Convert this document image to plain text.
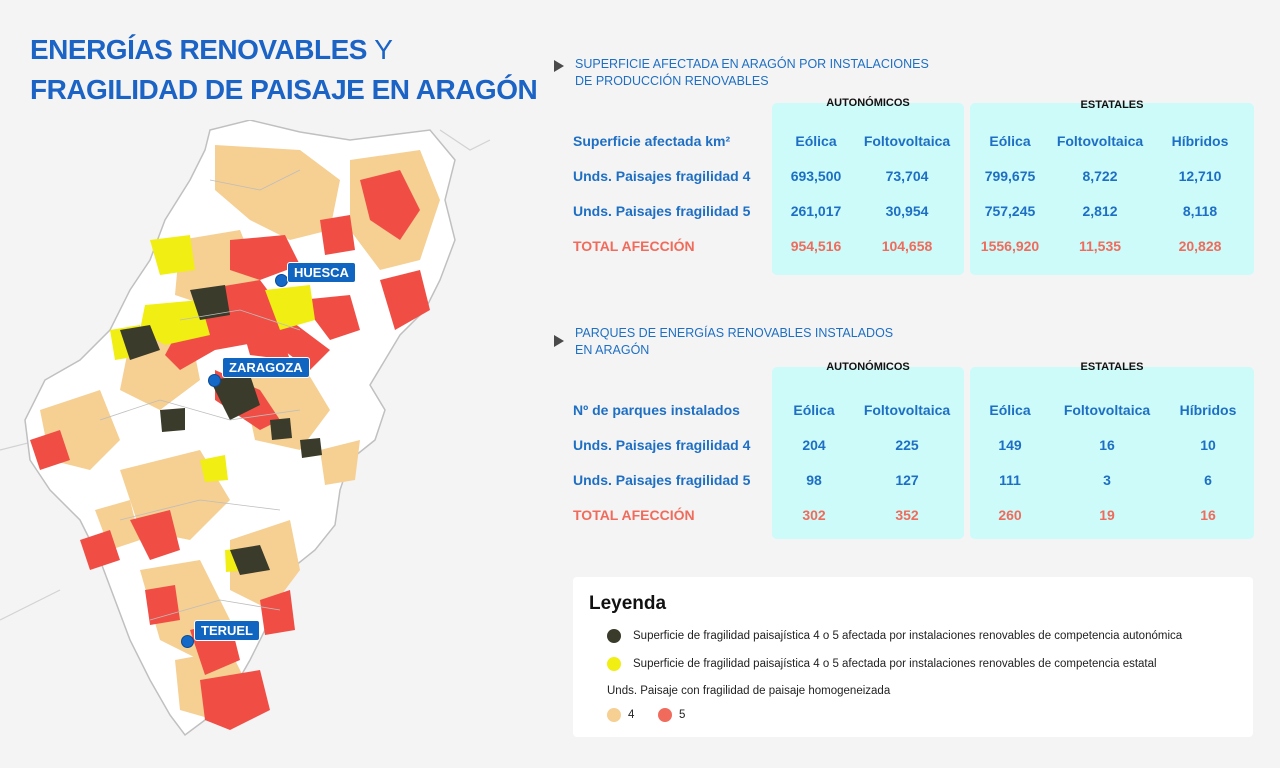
ENERGÍAS RENOVABLES Y
FRAGILIDAD DE PAISAJE EN ARAGÓN
HUESCA
ZARAGOZA
TERUEL
SUPERFICIE AFECTADA EN ARAGÓN POR INSTALACIONES
DE PRODUCCIÓN RENOVABLES
AUTONÓMICOS	ESTATALES
Superficie afectada km²	Eólica	Foltovoltaica	Eólica	Foltovoltaica	Híbridos
Unds. Paisajes fragilidad 4	693,500	73,704	799,675	8,722	12,710
Unds. Paisajes fragilidad 5	261,017	30,954	757,245	2,812	8,118
TOTAL AFECCIÓN	954,516	104,658	1556,920	11,535	20,828
PARQUES DE ENERGÍAS RENOVABLES INSTALADOS
EN ARAGÓN
AUTONÓMICOS	ESTATALES
Nº de parques instalados	Eólica	Foltovoltaica	Eólica	Foltovoltaica	Híbridos
Unds. Paisajes fragilidad 4	204	225	149	16	10
Unds. Paisajes fragilidad 5	98	127	111	3	6
TOTAL AFECCIÓN	302	352	260	19	16
Leyenda
Superficie de fragilidad paisajística 4 o 5 afectada por instalaciones renovables de competencia autonómica
Superficie de fragilidad paisajística 4 o 5 afectada por instalaciones renovables de competencia estatal
Unds. Paisaje con fragilidad de paisaje homogeneizada
4	5
